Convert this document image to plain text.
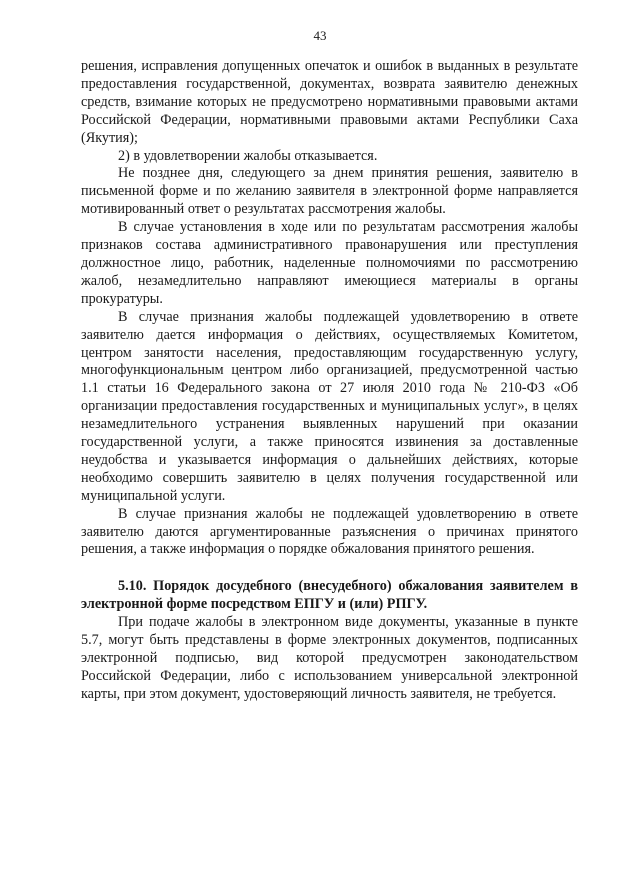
43

решения, исправления допущенных опечаток и ошибок в выданных в результате предоставления государственной, документах, возврата заявителю денежных средств, взимание которых не предусмотрено нормативными правовыми актами Российской Федерации, нормативными правовыми актами Республики Саха (Якутия);

2) в удовлетворении жалобы отказывается.

Не позднее дня, следующего за днем принятия решения, заявителю в письменной форме и по желанию заявителя в электронной форме направляется мотивированный ответ о результатах рассмотрения жалобы.

В случае установления в ходе или по результатам рассмотрения жалобы признаков состава административного правонарушения или преступления должностное лицо, работник, наделенные полномочиями по рассмотрению жалоб, незамедлительно направляют имеющиеся материалы в органы прокуратуры.

В случае признания жалобы подлежащей удовлетворению в ответе заявителю дается информация о действиях, осуществляемых Комитетом, центром занятости населения, предоставляющим государственную услугу, многофункциональным центром либо организацией, предусмотренной частью 1.1 статьи 16 Федерального закона от 27 июля 2010 года № 210-ФЗ «Об организации предоставления государственных и муниципальных услуг», в целях незамедлительного устранения выявленных нарушений при оказании государственной услуги, а также приносятся извинения за доставленные неудобства и указывается информация о дальнейших действиях, которые необходимо совершить заявителю в целях получения государственной или муниципальной услуги.

В случае признания жалобы не подлежащей удовлетворению в ответе заявителю даются аргументированные разъяснения о причинах принятого решения, а также информация о порядке обжалования принятого решения.

5.10. Порядок досудебного (внесудебного) обжалования заявителем в электронной форме посредством ЕПГУ и (или) РПГУ.

При подаче жалобы в электронном виде документы, указанные в пункте 5.7, могут быть представлены в форме электронных документов, подписанных электронной подписью, вид которой предусмотрен законодательством Российской Федерации, либо с использованием универсальной электронной карты, при этом документ, удостоверяющий личность заявителя, не требуется.
